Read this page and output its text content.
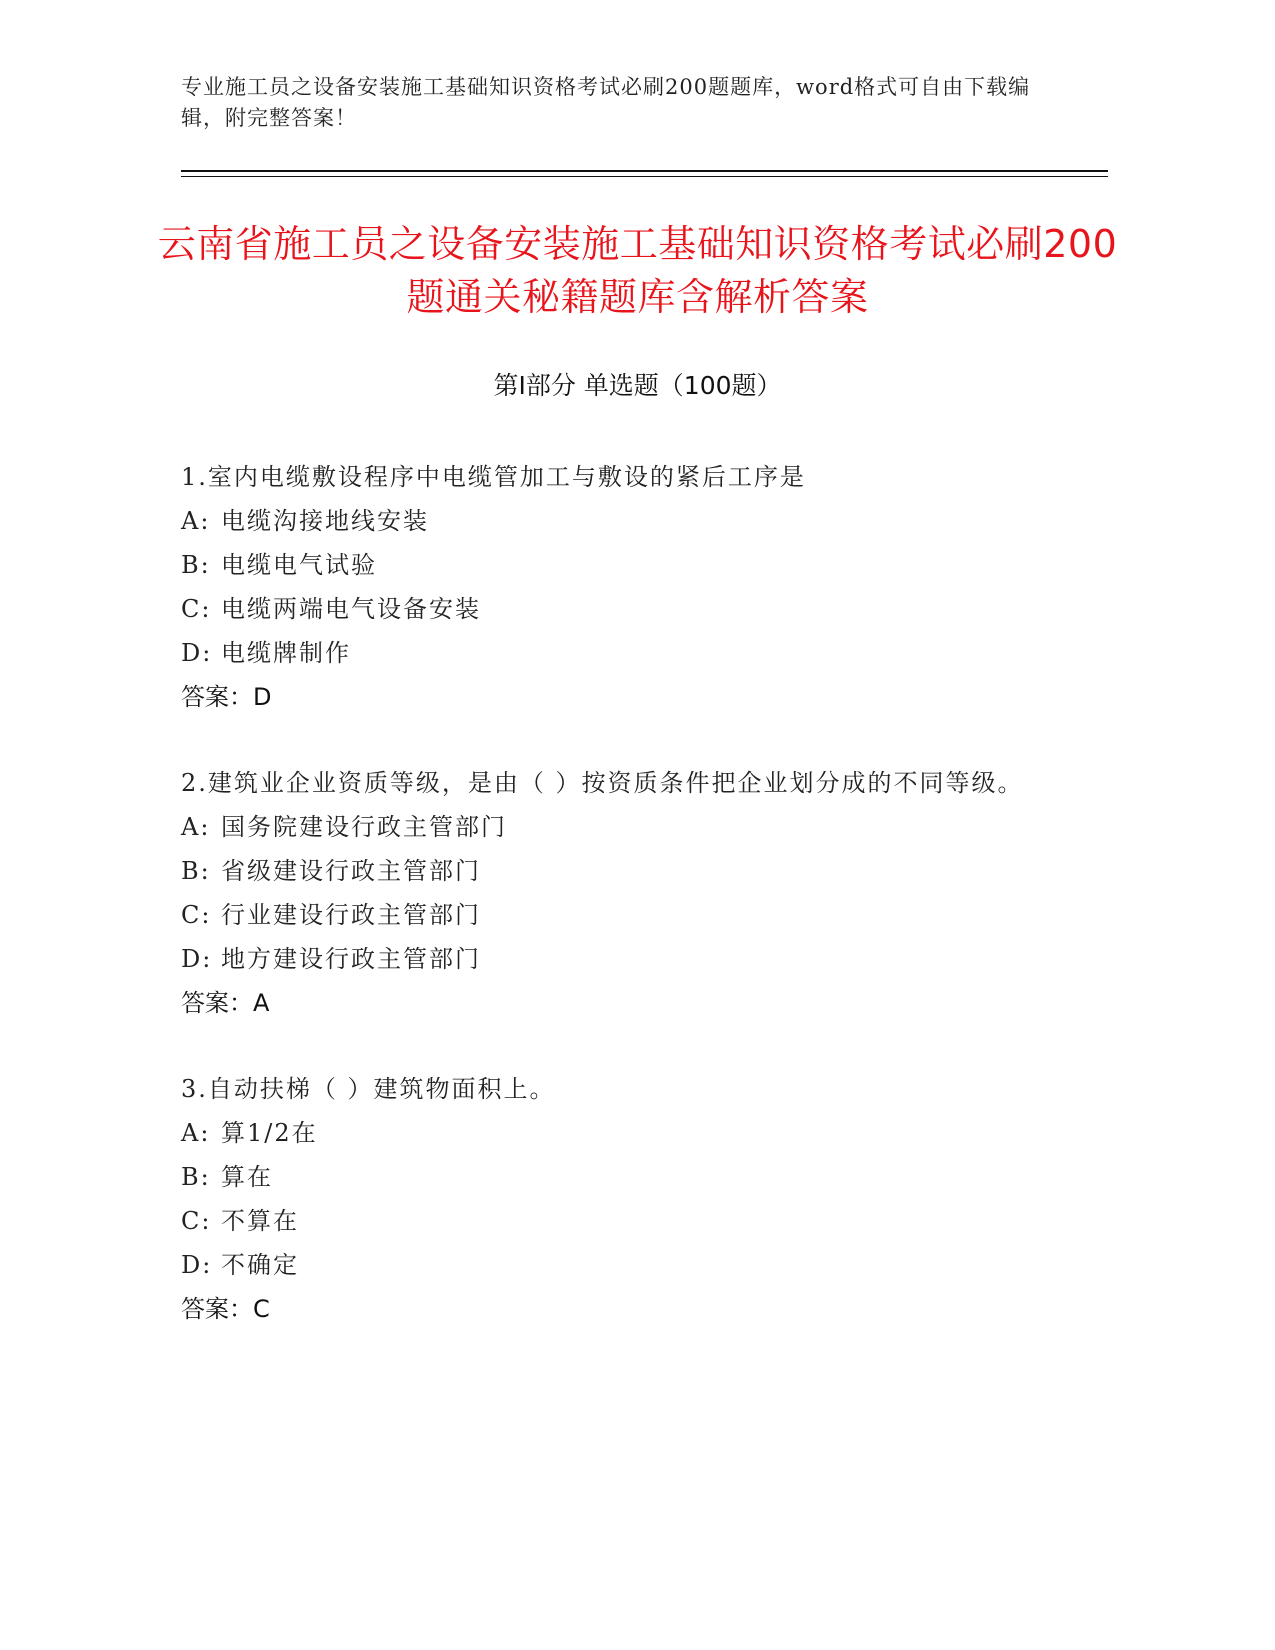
专业施工员之设备安装施工基础知识资格考试必刷200题题库，word格式可自由下载编辑，附完整答案！
云南省施工员之设备安装施工基础知识资格考试必刷200题通关秘籍题库含解析答案
第Ⅰ部分 单选题（100题）
1.室内电缆敷设程序中电缆管加工与敷设的紧后工序是
A: 电缆沟接地线安装
B: 电缆电气试验
C: 电缆两端电气设备安装
D: 电缆牌制作
答案：D
2.建筑业企业资质等级，是由（ ）按资质条件把企业划分成的不同等级。
A: 国务院建设行政主管部门
B: 省级建设行政主管部门
C: 行业建设行政主管部门
D: 地方建设行政主管部门
答案：A
3.自动扶梯（ ）建筑物面积上。
A: 算1/2在
B: 算在
C: 不算在
D: 不确定
答案：C
